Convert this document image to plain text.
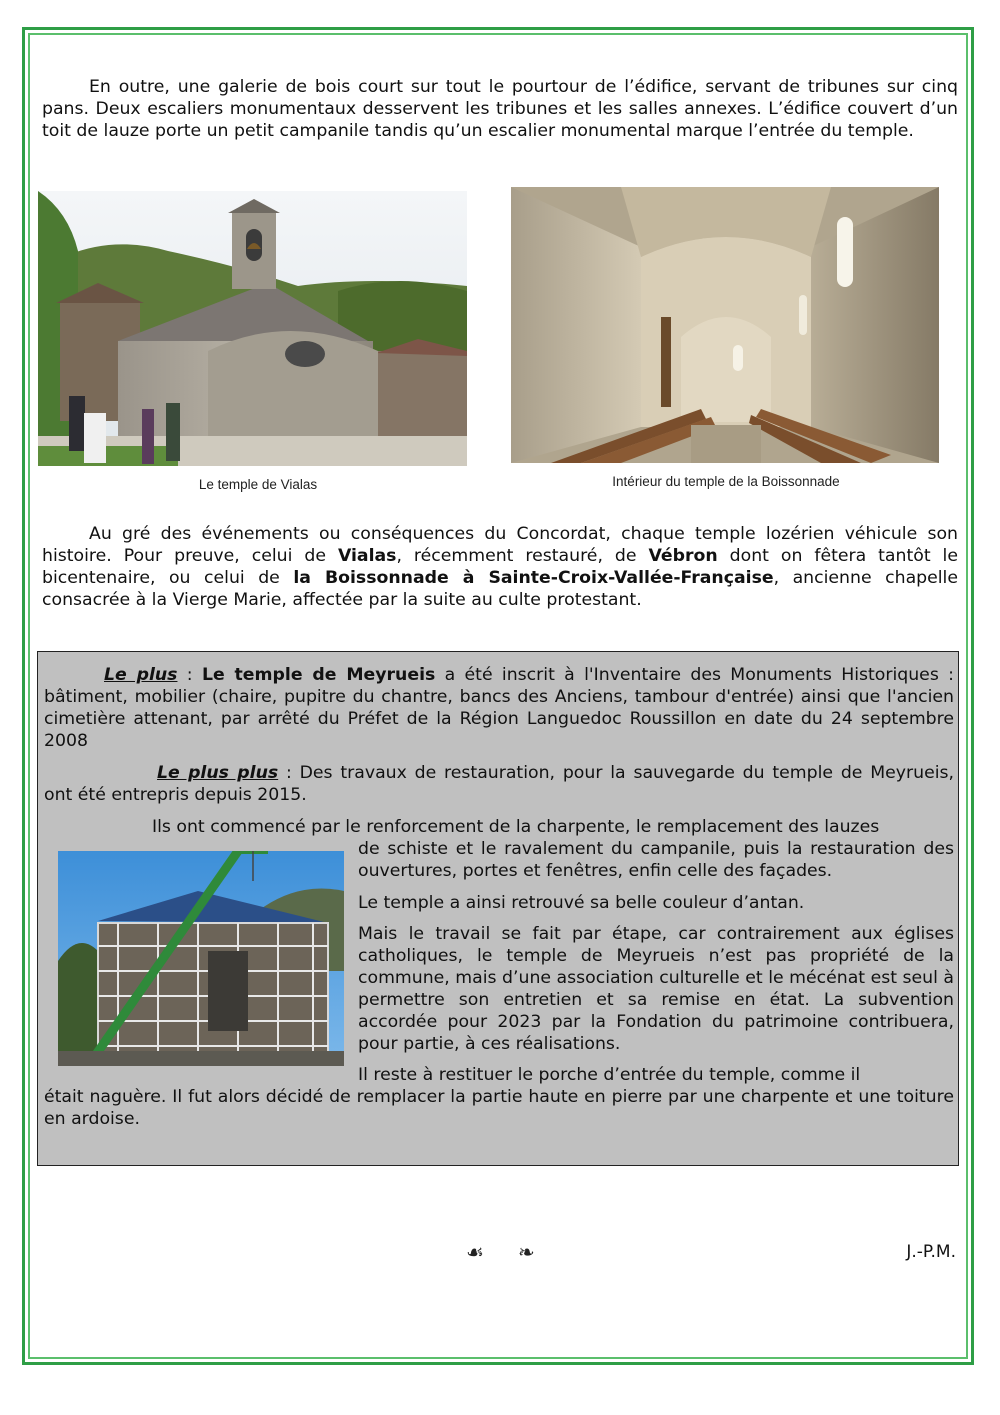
En outre, une galerie de bois court sur tout le pourtour de l’édifice, servant de tribunes sur cinq pans. Deux escaliers monumentaux desservent les tribunes et les salles annexes. L’édifice couvert d’un toit de lauze porte un petit campanile tandis qu’un escalier monumental marque l’entrée du temple.

Le temple de Vialas	Intérieur du temple de la Boissonnade

Au gré des événements ou conséquences du Concordat, chaque temple lozérien véhicule son histoire. Pour preuve, celui de Vialas, récemment restauré, de Vébron dont on fêtera tantôt le bicentenaire, ou celui de la Boissonnade à Sainte-Croix-Vallée-Française, ancienne chapelle consacrée à la Vierge Marie, affectée par la suite au culte protestant.

Le plus : Le temple de Meyrueis a été inscrit à l'Inventaire des Monuments Historiques : bâtiment, mobilier (chaire, pupitre du chantre, bancs des Anciens, tambour d'entrée) ainsi que l'ancien cimetière attenant, par arrêté du Préfet de la Région Languedoc Roussillon en date du 24 septembre 2008

Le plus plus : Des travaux de restauration, pour la sauvegarde du temple de Meyrueis, ont été entrepris depuis 2015.

Ils ont commencé par le renforcement de la charpente, le remplacement des lauzes

de schiste et le ravalement du campanile, puis la restauration des ouvertures, portes et fenêtres, enfin celle des façades.

Le temple a ainsi retrouvé sa belle couleur d’antan.

Mais le travail se fait par étape, car contrairement aux églises catholiques, le temple de Meyrueis n’est pas propriété de la commune, mais d’une association culturelle et le mécénat est seul à permettre son entretien et sa remise en état. La subvention accordée pour 2023 par la Fondation du patrimoine contribuera, pour partie, à ces réalisations.

Il reste à restituer le porche d’entrée du temple, comme il

était naguère. Il fut alors décidé de remplacer la partie haute en pierre par une charpente et une toiture en ardoise.

☙ ❧	J.-P.M.
